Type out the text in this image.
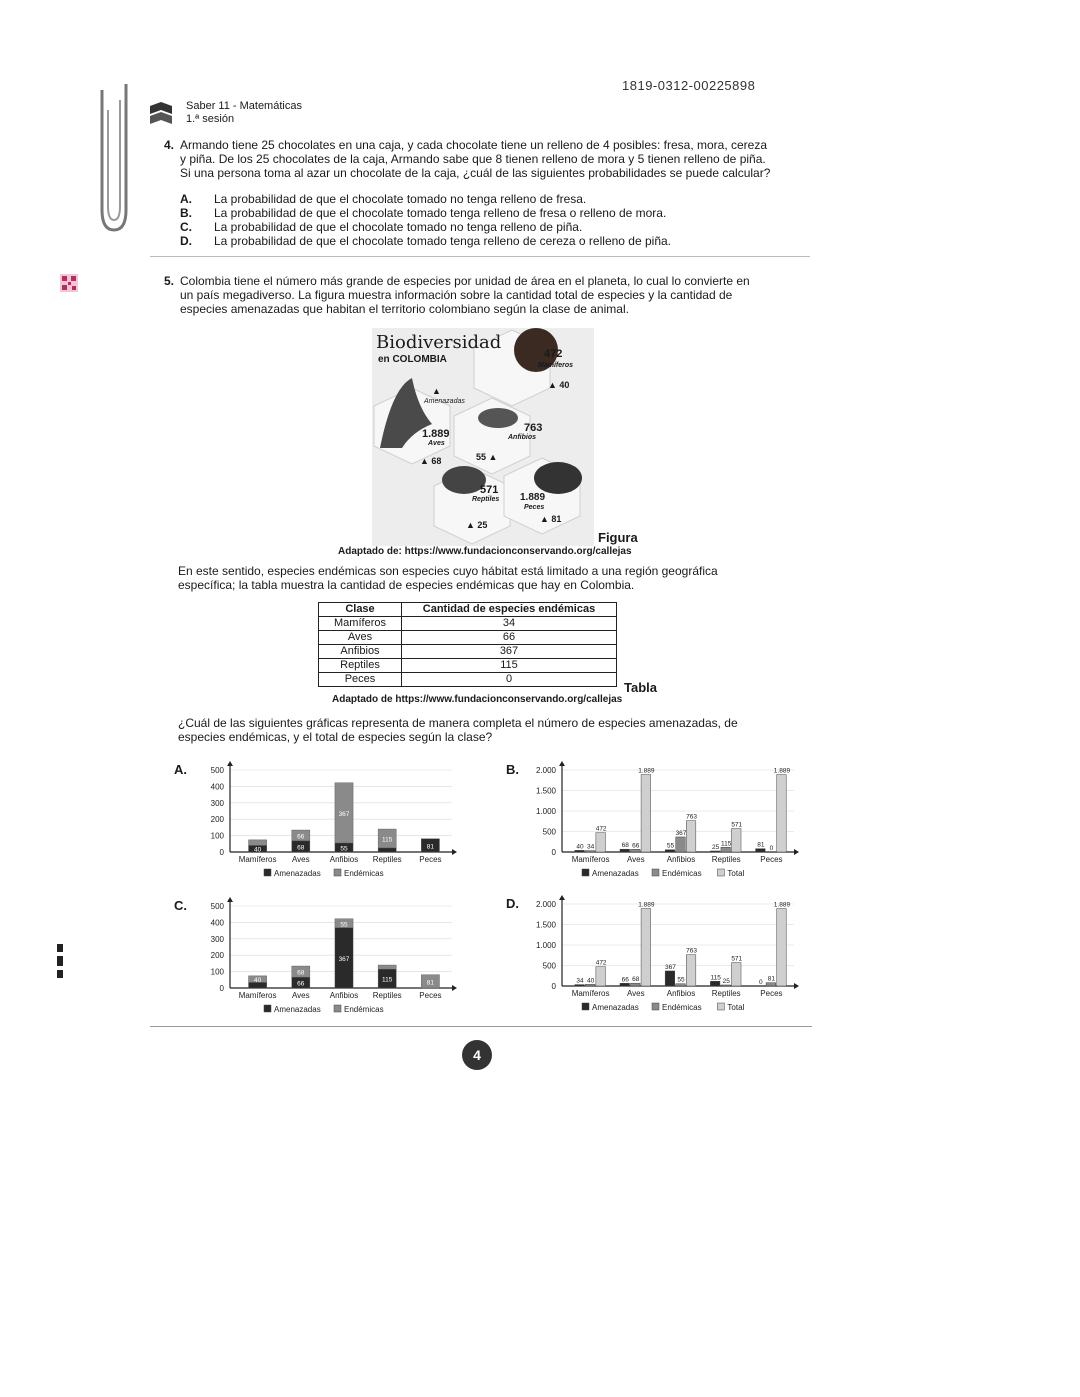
1819-0312-00225898
Saber 11 - Matemáticas
1.ª sesión
4. Armando tiene 25 chocolates en una caja, y cada chocolate tiene un relleno de 4 posibles: fresa, mora, cereza
y piña. De los 25 chocolates de la caja, Armando sabe que 8 tienen relleno de mora y 5 tienen relleno de piña.
Si una persona toma al azar un chocolate de la caja, ¿cuál de las siguientes probabilidades se puede calcular?
A.	La probabilidad de que el chocolate tomado no tenga relleno de fresa.
B.	La probabilidad de que el chocolate tomado tenga relleno de fresa o relleno de mora.
C.	La probabilidad de que el chocolate tomado no tenga relleno de piña.
D.	La probabilidad de que el chocolate tomado tenga relleno de cereza o relleno de piña.
5. Colombia tiene el número más grande de especies por unidad de área en el planeta, lo cual lo convierte en
un país megadiverso. La figura muestra información sobre la cantidad total de especies y la cantidad de
especies amenazadas que habitan el territorio colombiano según la clase de animal.
Biodiversidad
en COLOMBIA	472
Mamíferos
▲ 40
▲
Amenazadas
1.889
Aves
▲ 68
763
Anfibios
55 ▲
571
Reptiles
▲ 25
1.889
Peces
▲ 81
Figura
Adaptado de: https://www.fundacionconservando.org/callejas
En este sentido, especies endémicas son especies cuyo hábitat está limitado a una región geográfica
específica; la tabla muestra la cantidad de especies endémicas que hay en Colombia.
Clase	Cantidad de especies endémicas
Mamíferos	34
Aves	66
Anfibios	367
Reptiles	115
Peces	0
Tabla
Adaptado de https://www.fundacionconservando.org/callejas
¿Cuál de las siguientes gráficas representa de manera completa el número de especies amenazadas, de
especies endémicas, y el total de especies según la clase?
A.	500
400
300
200
100
0
Mamíferos
40
Aves
68
66
Anfibios
55
367
Reptiles
115
Peces
81
Amenazadas	Endémicas
B. 2.000
1.500
1.000
500
0
Mamíferos
40 34
472
Aves
68 66
1.889
Anfibios
55
367
763
Reptiles
25
115
571
Peces
81 0
1.889
Amenazadas	Endémicas	Total
C.	500
400
300
200
100
0
Mamíferos
40
Aves
66
68
Anfibios
367
55
Reptiles
115
Peces
81
Amenazadas	Endémicas
D. 2.000
1.500
1.000
500
0
Mamíferos
34 40
472
Aves
66 68
1.889
Anfibios
367
55
763
Reptiles
115
25
571
Peces
0 81
1.889
Amenazadas	Endémicas	Total
4
